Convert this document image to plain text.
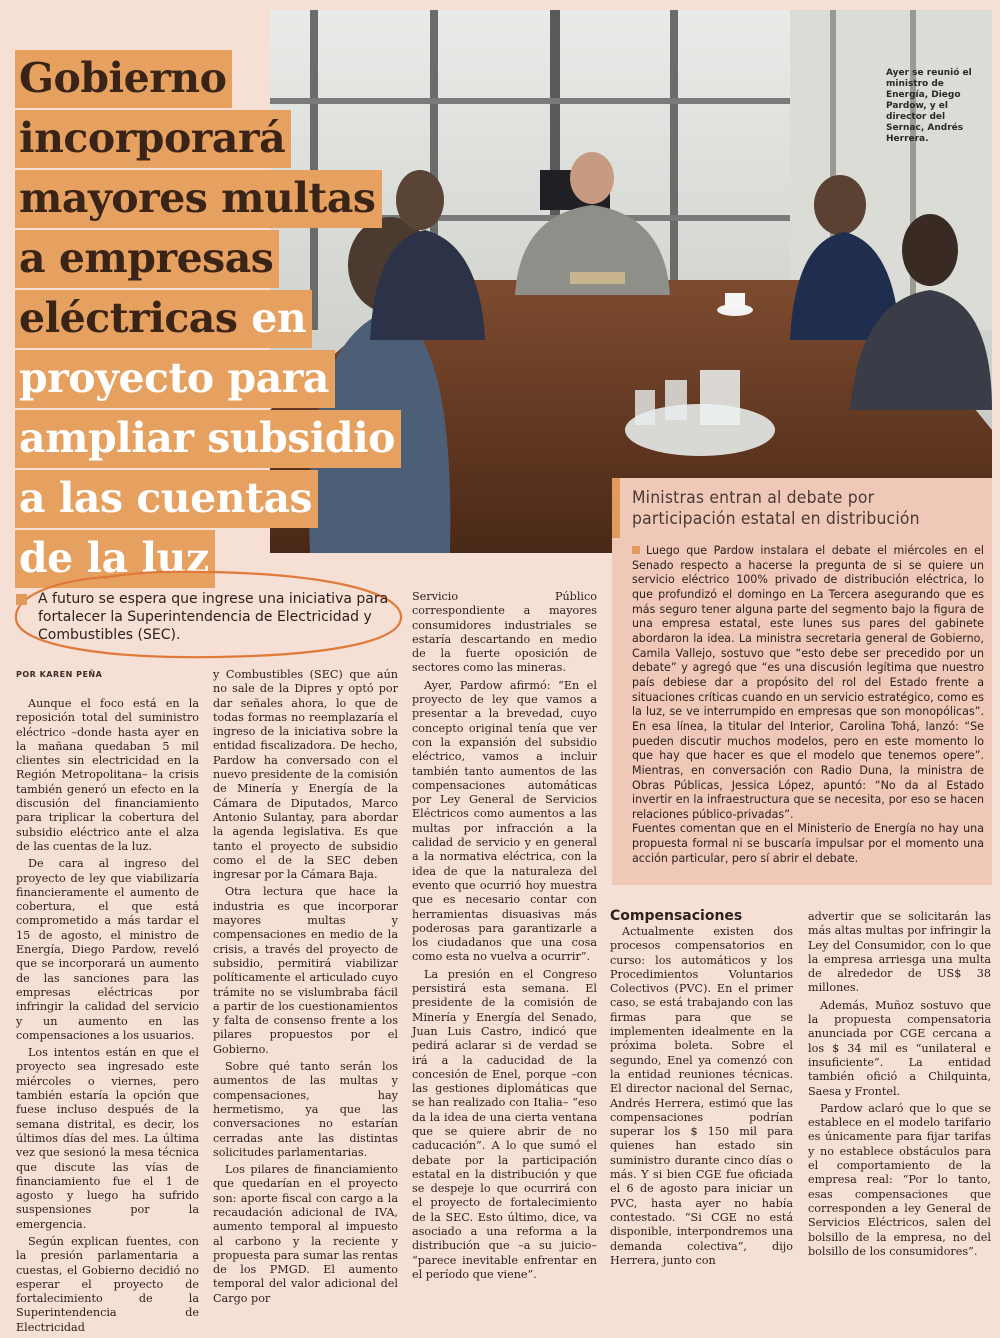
Ayer se reunió el ministro de Energía, Diego Pardow, y el director del Sernac, Andrés Herrera.
Gobierno
incorporará
mayores multas
a empresas
eléctricas en
proyecto para
ampliar subsidio
a las cuentas
de la luz
Ministras entran al debate por participación estatal en distribución
Luego que Pardow instalara el debate el miércoles en el Senado respecto a hacerse la pregunta de si se quiere un servicio eléctrico 100% privado de distribución eléctrica, lo que profundizó el domingo en La Tercera asegurando que es más seguro tener alguna parte del segmento bajo la figura de una empresa estatal, este lunes sus pares del gabinete abordaron la idea. La ministra secretaria general de Gobierno, Camila Vallejo, sostuvo que “esto debe ser precedido por un debate” y agregó que “es una discusión legítima que nuestro país debiese dar a propósito del rol del Estado frente a situaciones críticas cuando en un servicio estratégico, como es la luz, se ve interrumpido en empresas que son monopólicas”. En esa línea, la titular del Interior, Carolina Tohá, lanzó: “Se pueden discutir muchos modelos, pero en este momento lo que hay que hacer es que el modelo que tenemos opere”. Mientras, en conversación con Radio Duna, la ministra de Obras Públicas, Jessica López, apuntó: “No da al Estado invertir en la infraestructura que se necesita, por eso se hacen relaciones público-privadas”.
Fuentes comentan que en el Ministerio de Energía no hay una propuesta formal ni se buscaría impulsar por el momento una acción particular, pero sí abrir el debate.
A futuro se espera que ingrese una iniciativa para fortalecer la Superintendencia de Electricidad y Combustibles (SEC).
POR KAREN PEÑA

Aunque el foco está en la reposición total del suministro eléctrico –donde hasta ayer en la mañana quedaban 5 mil clientes sin electricidad en la Región Metropolitana– la crisis también generó un efecto en la discusión del financiamiento para triplicar la cobertura del subsidio eléctrico ante el alza de las cuentas de la luz.

De cara al ingreso del proyecto de ley que viabilizaría financieramente el aumento de cobertura, el que está comprometido a más tardar el 15 de agosto, el ministro de Energía, Diego Pardow, reveló que se incorporará un aumento de las sanciones para las empresas eléctricas por infringir la calidad del servicio y un aumento en las compensaciones a los usuarios.

Los intentos están en que el proyecto sea ingresado este miércoles o viernes, pero también estaría la opción que fuese incluso después de la semana distrital, es decir, los últimos días del mes. La última vez que sesionó la mesa técnica que discute las vías de financiamiento fue el 1 de agosto y luego ha sufrido suspensiones por la emergencia.

Según explican fuentes, con la presión parlamentaria a cuestas, el Gobierno decidió no esperar el proyecto de fortalecimiento de la Superintendencia de Electricidad

y Combustibles (SEC) que aún no sale de la Dipres y optó por dar señales ahora, lo que de todas formas no reemplazaría el ingreso de la iniciativa sobre la entidad fiscalizadora. De hecho, Pardow ha conversado con el nuevo presidente de la comisión de Minería y Energía de la Cámara de Diputados, Marco Antonio Sulantay, para abordar la agenda legislativa. Es que tanto el proyecto de subsidio como el de la SEC deben ingresar por la Cámara Baja.

Otra lectura que hace la industria es que incorporar mayores multas y compensaciones en medio de la crisis, a través del proyecto de subsidio, permitirá viabilizar políticamente el articulado cuyo trámite no se vislumbraba fácil a partir de los cuestionamientos y falta de consenso frente a los pilares propuestos por el Gobierno.

Sobre qué tanto serán los aumentos de las multas y compensaciones, hay hermetismo, ya que las conversaciones no estarían cerradas ante las distintas solicitudes parlamentarias.

Los pilares de financiamiento que quedarían en el proyecto son: aporte fiscal con cargo a la recaudación adicional de IVA, aumento temporal al impuesto al carbono y la reciente y propuesta para sumar las rentas de los PMGD. El aumento temporal del valor adicional del Cargo por

Servicio Público correspondiente a mayores consumidores industriales se estaría descartando en medio de la fuerte oposición de sectores como las mineras.

Ayer, Pardow afirmó: “En el proyecto de ley que vamos a presentar a la brevedad, cuyo concepto original tenía que ver con la expansión del subsidio eléctrico, vamos a incluir también tanto aumentos de las compensaciones automáticas por Ley General de Servicios Eléctricos como aumentos a las multas por infracción a la calidad de servicio y en general a la normativa eléctrica, con la idea de que la naturaleza del evento que ocurrió hoy muestra que es necesario contar con herramientas disuasivas más poderosas para garantizarle a los ciudadanos que una cosa como esta no vuelva a ocurrir”.

La presión en el Congreso persistirá esta semana. El presidente de la comisión de Minería y Energía del Senado, Juan Luis Castro, indicó que pedirá aclarar si de verdad se irá a la caducidad de la concesión de Enel, porque –con las gestiones diplomáticas que se han realizado con Italia– “eso da la idea de una cierta ventana que se quiere abrir de no caducación”. A lo que sumó el debate por la participación estatal en la distribución y que se despeje lo que ocurrirá con el proyecto de fortalecimiento de la SEC. Esto último, dice, va asociado a una reforma a la distribución que –a su juicio– “parece inevitable enfrentar en el período que viene”.

Compensaciones

Actualmente existen dos procesos compensatorios en curso: los automáticos y los Procedimientos Voluntarios Colectivos (PVC). En el primer caso, se está trabajando con las firmas para que se implementen idealmente en la próxima boleta. Sobre el segundo, Enel ya comenzó con la entidad reuniones técnicas. El director nacional del Sernac, Andrés Herrera, estimó que las compensaciones podrían superar los $ 150 mil para quienes han estado sin suministro durante cinco días o más. Y si bien CGE fue oficiada el 6 de agosto para iniciar un PVC, hasta ayer no había contestado. “Si CGE no está disponible, interpondremos una demanda colectiva”, dijo Herrera, junto con

advertir que se solicitarán las más altas multas por infringir la Ley del Consumidor, con lo que la empresa arriesga una multa de alrededor de US$ 38 millones.

Además, Muñoz sostuvo que la propuesta compensatoria anunciada por CGE cercana a los $ 34 mil es “unilateral e insuficiente”. La entidad también ofició a Chilquinta, Saesa y Frontel.

Pardow aclaró que lo que se establece en el modelo tarifario es únicamente para fijar tarifas y no establece obstáculos para el comportamiento de la empresa real: “Por lo tanto, esas compensaciones que corresponden a ley General de Servicios Eléctricos, salen del bolsillo de la empresa, no del bolsillo de los consumidores”.
